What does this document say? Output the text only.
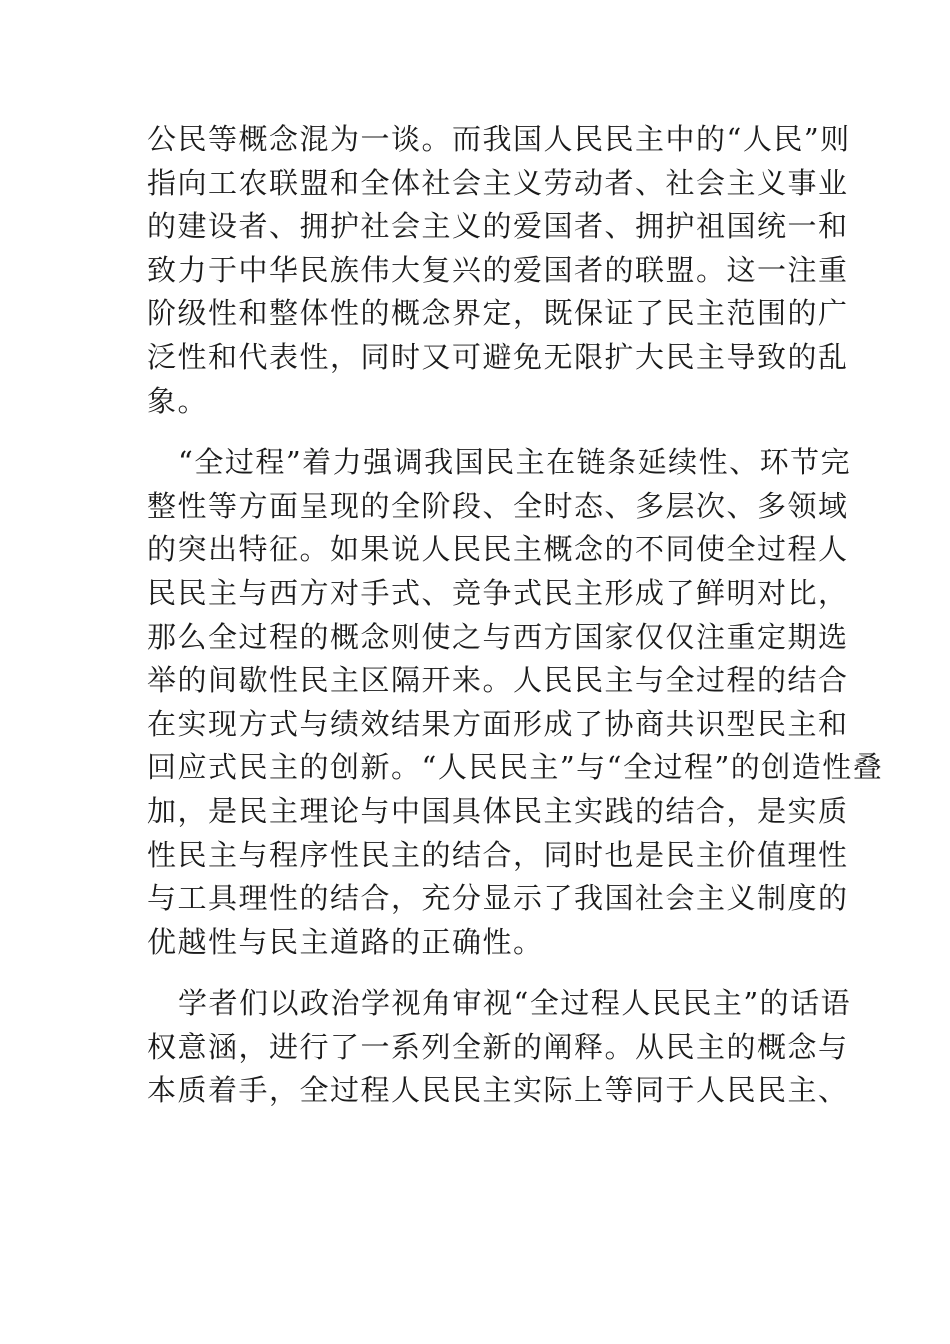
公民等概念混为一谈。而我国人民民主中的“人民”则
指向工农联盟和全体社会主义劳动者、社会主义事业
的建设者、拥护社会主义的爱国者、拥护祖国统一和
致力于中华民族伟大复兴的爱国者的联盟。这一注重
阶级性和整体性的概念界定，既保证了民主范围的广
泛性和代表性，同时又可避免无限扩大民主导致的乱
象。

“全过程”着力强调我国民主在链条延续性、环节完
整性等方面呈现的全阶段、全时态、多层次、多领域
的突出特征。如果说人民民主概念的不同使全过程人
民民主与西方对手式、竞争式民主形成了鲜明对比，
那么全过程的概念则使之与西方国家仅仅注重定期选
举的间歇性民主区隔开来。人民民主与全过程的结合
在实现方式与绩效结果方面形成了协商共识型民主和
回应式民主的创新。“人民民主”与“全过程”的创造性叠
加，是民主理论与中国具体民主实践的结合，是实质
性民主与程序性民主的结合，同时也是民主价值理性
与工具理性的结合，充分显示了我国社会主义制度的
优越性与民主道路的正确性。

学者们以政治学视角审视“全过程人民民主”的话语
权意涵，进行了一系列全新的阐释。从民主的概念与
本质着手，全过程人民民主实际上等同于人民民主、
